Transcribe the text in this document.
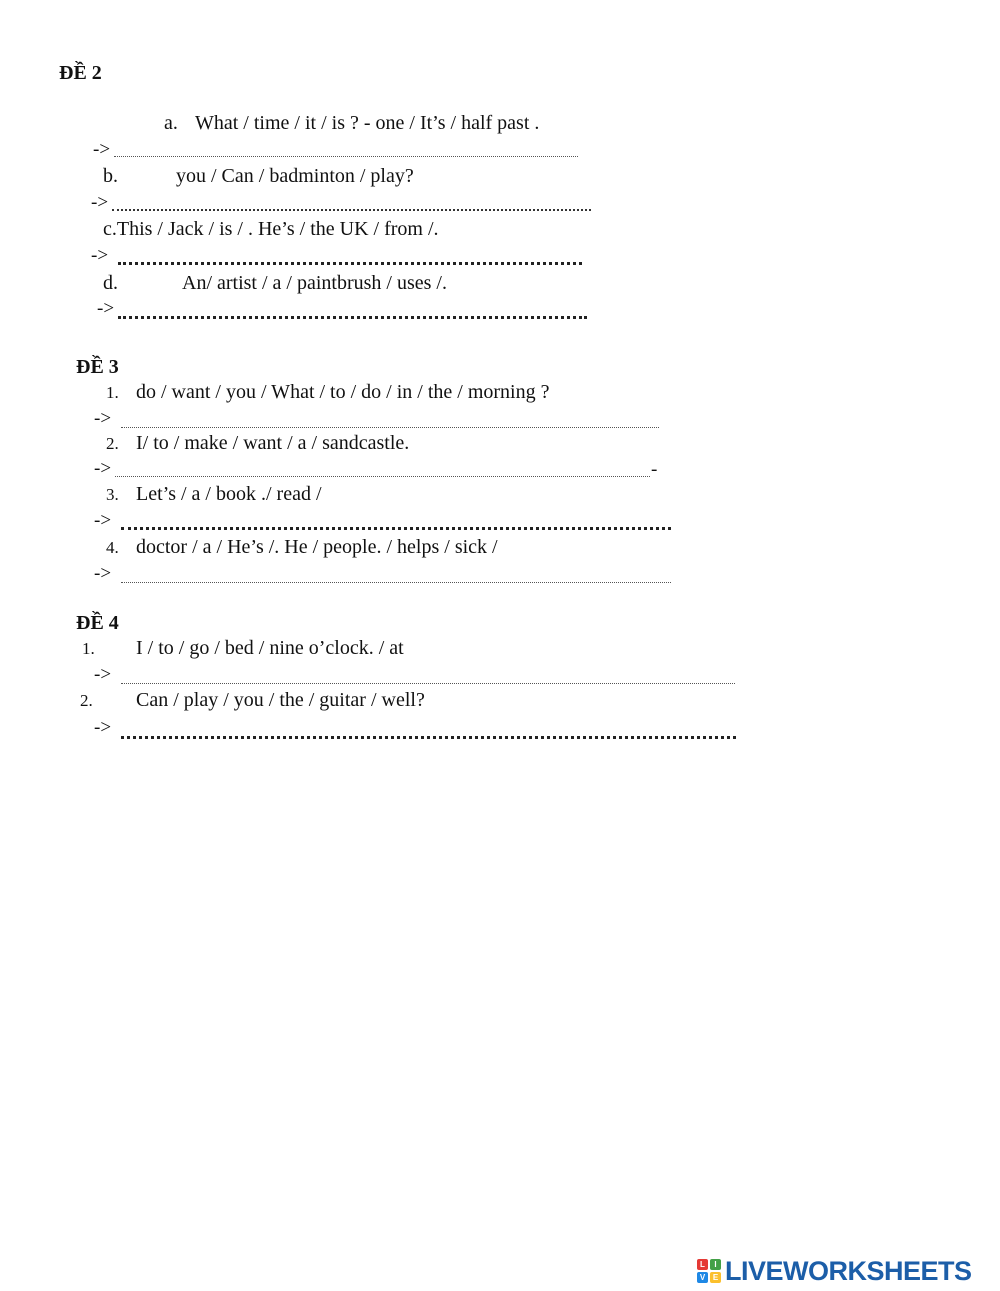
ĐỀ 2
a. What / time / it / is ? - one / It’s / half past .
->
b.	you / Can / badminton / play?
->
c.This / Jack / is / . He’s / the UK / from /.
->
d.	An/ artist / a / paintbrush / uses /.
->
ĐỀ 3
1. do / want / you / What / to / do / in / the / morning ?
->
2. I/ to / make / want / a / sandcastle.
->	-
3. Let’s / a / book ./ read /
->
4. doctor / a / He’s /. He / people. / helps / sick /
->
ĐỀ 4
1. I / to / go / bed / nine o’clock. / at
->
2. Can / play / you / the / guitar / well?
->
L	I
V E LIVEWORKSHEETS
